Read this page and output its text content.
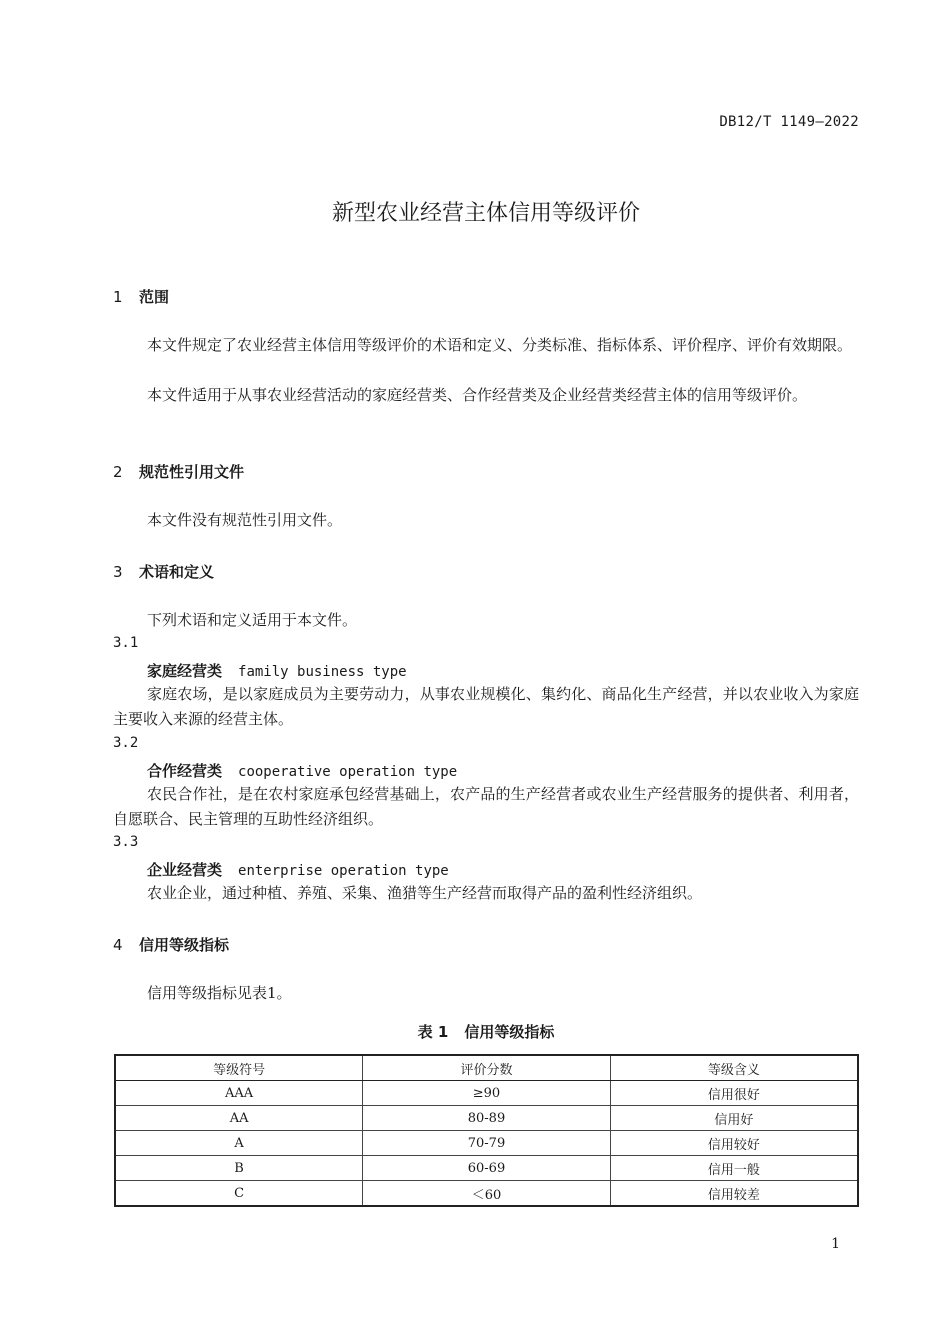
DB12/T 1149—2022
新型农业经营主体信用等级评价
1 范围
本文件规定了农业经营主体信用等级评价的术语和定义、分类标准、指标体系、评价程序、评价有效期限。
本文件适用于从事农业经营活动的家庭经营类、合作经营类及企业经营类经营主体的信用等级评价。
2 规范性引用文件
本文件没有规范性引用文件。
3 术语和定义
下列术语和定义适用于本文件。
3.1
家庭经营类 family business type
家庭农场，是以家庭成员为主要劳动力，从事农业规模化、集约化、商品化生产经营，并以农业收入为家庭主要收入来源的经营主体。
3.2
合作经营类 cooperative operation type
农民合作社，是在农村家庭承包经营基础上，农产品的生产经营者或农业生产经营服务的提供者、利用者，自愿联合、民主管理的互助性经济组织。
3.3
企业经营类 enterprise operation type
农业企业，通过种植、养殖、采集、渔猎等生产经营而取得产品的盈利性经济组织。
4 信用等级指标
信用等级指标见表1。
表 1 信用等级指标
等级符号	评价分数	等级含义
AAA	≥90	信用很好
AA	80-89	信用好
A	70-79	信用较好
B	60-69	信用一般
C	＜60	信用较差
1
